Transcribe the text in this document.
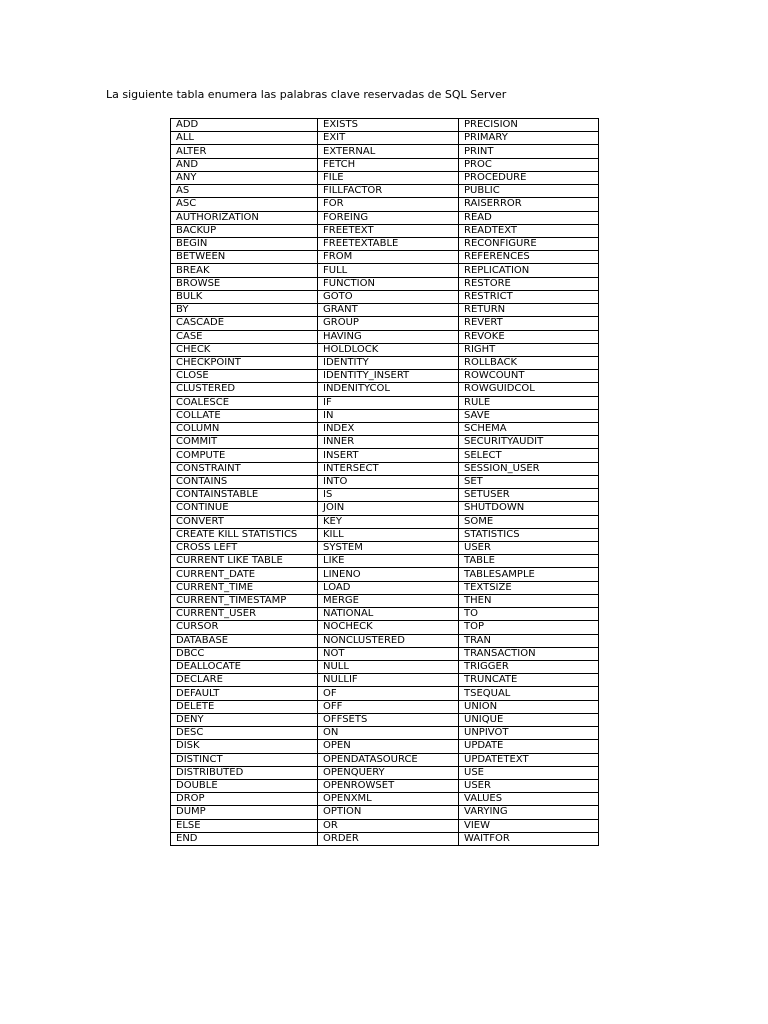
La siguiente tabla enumera las palabras clave reservadas de SQL Server
ADD	EXISTS	PRECISION
ALL	EXIT	PRIMARY
ALTER	EXTERNAL	PRINT
AND	FETCH	PROC
ANY	FILE	PROCEDURE
AS	FILLFACTOR	PUBLIC
ASC	FOR	RAISERROR
AUTHORIZATION	FOREING	READ
BACKUP	FREETEXT	READTEXT
BEGIN	FREETEXTABLE	RECONFIGURE
BETWEEN	FROM	REFERENCES
BREAK	FULL	REPLICATION
BROWSE	FUNCTION	RESTORE
BULK	GOTO	RESTRICT
BY	GRANT	RETURN
CASCADE	GROUP	REVERT
CASE	HAVING	REVOKE
CHECK	HOLDLOCK	RIGHT
CHECKPOINT	IDENTITY	ROLLBACK
CLOSE	IDENTITY_INSERT	ROWCOUNT
CLUSTERED	INDENITYCOL	ROWGUIDCOL
COALESCE	IF	RULE
COLLATE	IN	SAVE
COLUMN	INDEX	SCHEMA
COMMIT	INNER	SECURITYAUDIT
COMPUTE	INSERT	SELECT
CONSTRAINT	INTERSECT	SESSION_USER
CONTAINS	INTO	SET
CONTAINSTABLE	IS	SETUSER
CONTINUE	JOIN	SHUTDOWN
CONVERT	KEY	SOME
CREATE KILL STATISTICS	KILL	STATISTICS
CROSS LEFT	SYSTEM	USER
CURRENT LIKE TABLE	LIKE	TABLE
CURRENT_DATE	LINENO	TABLESAMPLE
CURRENT_TIME	LOAD	TEXTSIZE
CURRENT_TIMESTAMP	MERGE	THEN
CURRENT_USER	NATIONAL	TO
CURSOR	NOCHECK	TOP
DATABASE	NONCLUSTERED	TRAN
DBCC	NOT	TRANSACTION
DEALLOCATE	NULL	TRIGGER
DECLARE	NULLIF	TRUNCATE
DEFAULT	OF	TSEQUAL
DELETE	OFF	UNION
DENY	OFFSETS	UNIQUE
DESC	ON	UNPIVOT
DISK	OPEN	UPDATE
DISTINCT	OPENDATASOURCE	UPDATETEXT
DISTRIBUTED	OPENQUERY	USE
DOUBLE	OPENROWSET	USER
DROP	OPENXML	VALUES
DUMP	OPTION	VARYING
ELSE	OR	VIEW
END	ORDER	WAITFOR
